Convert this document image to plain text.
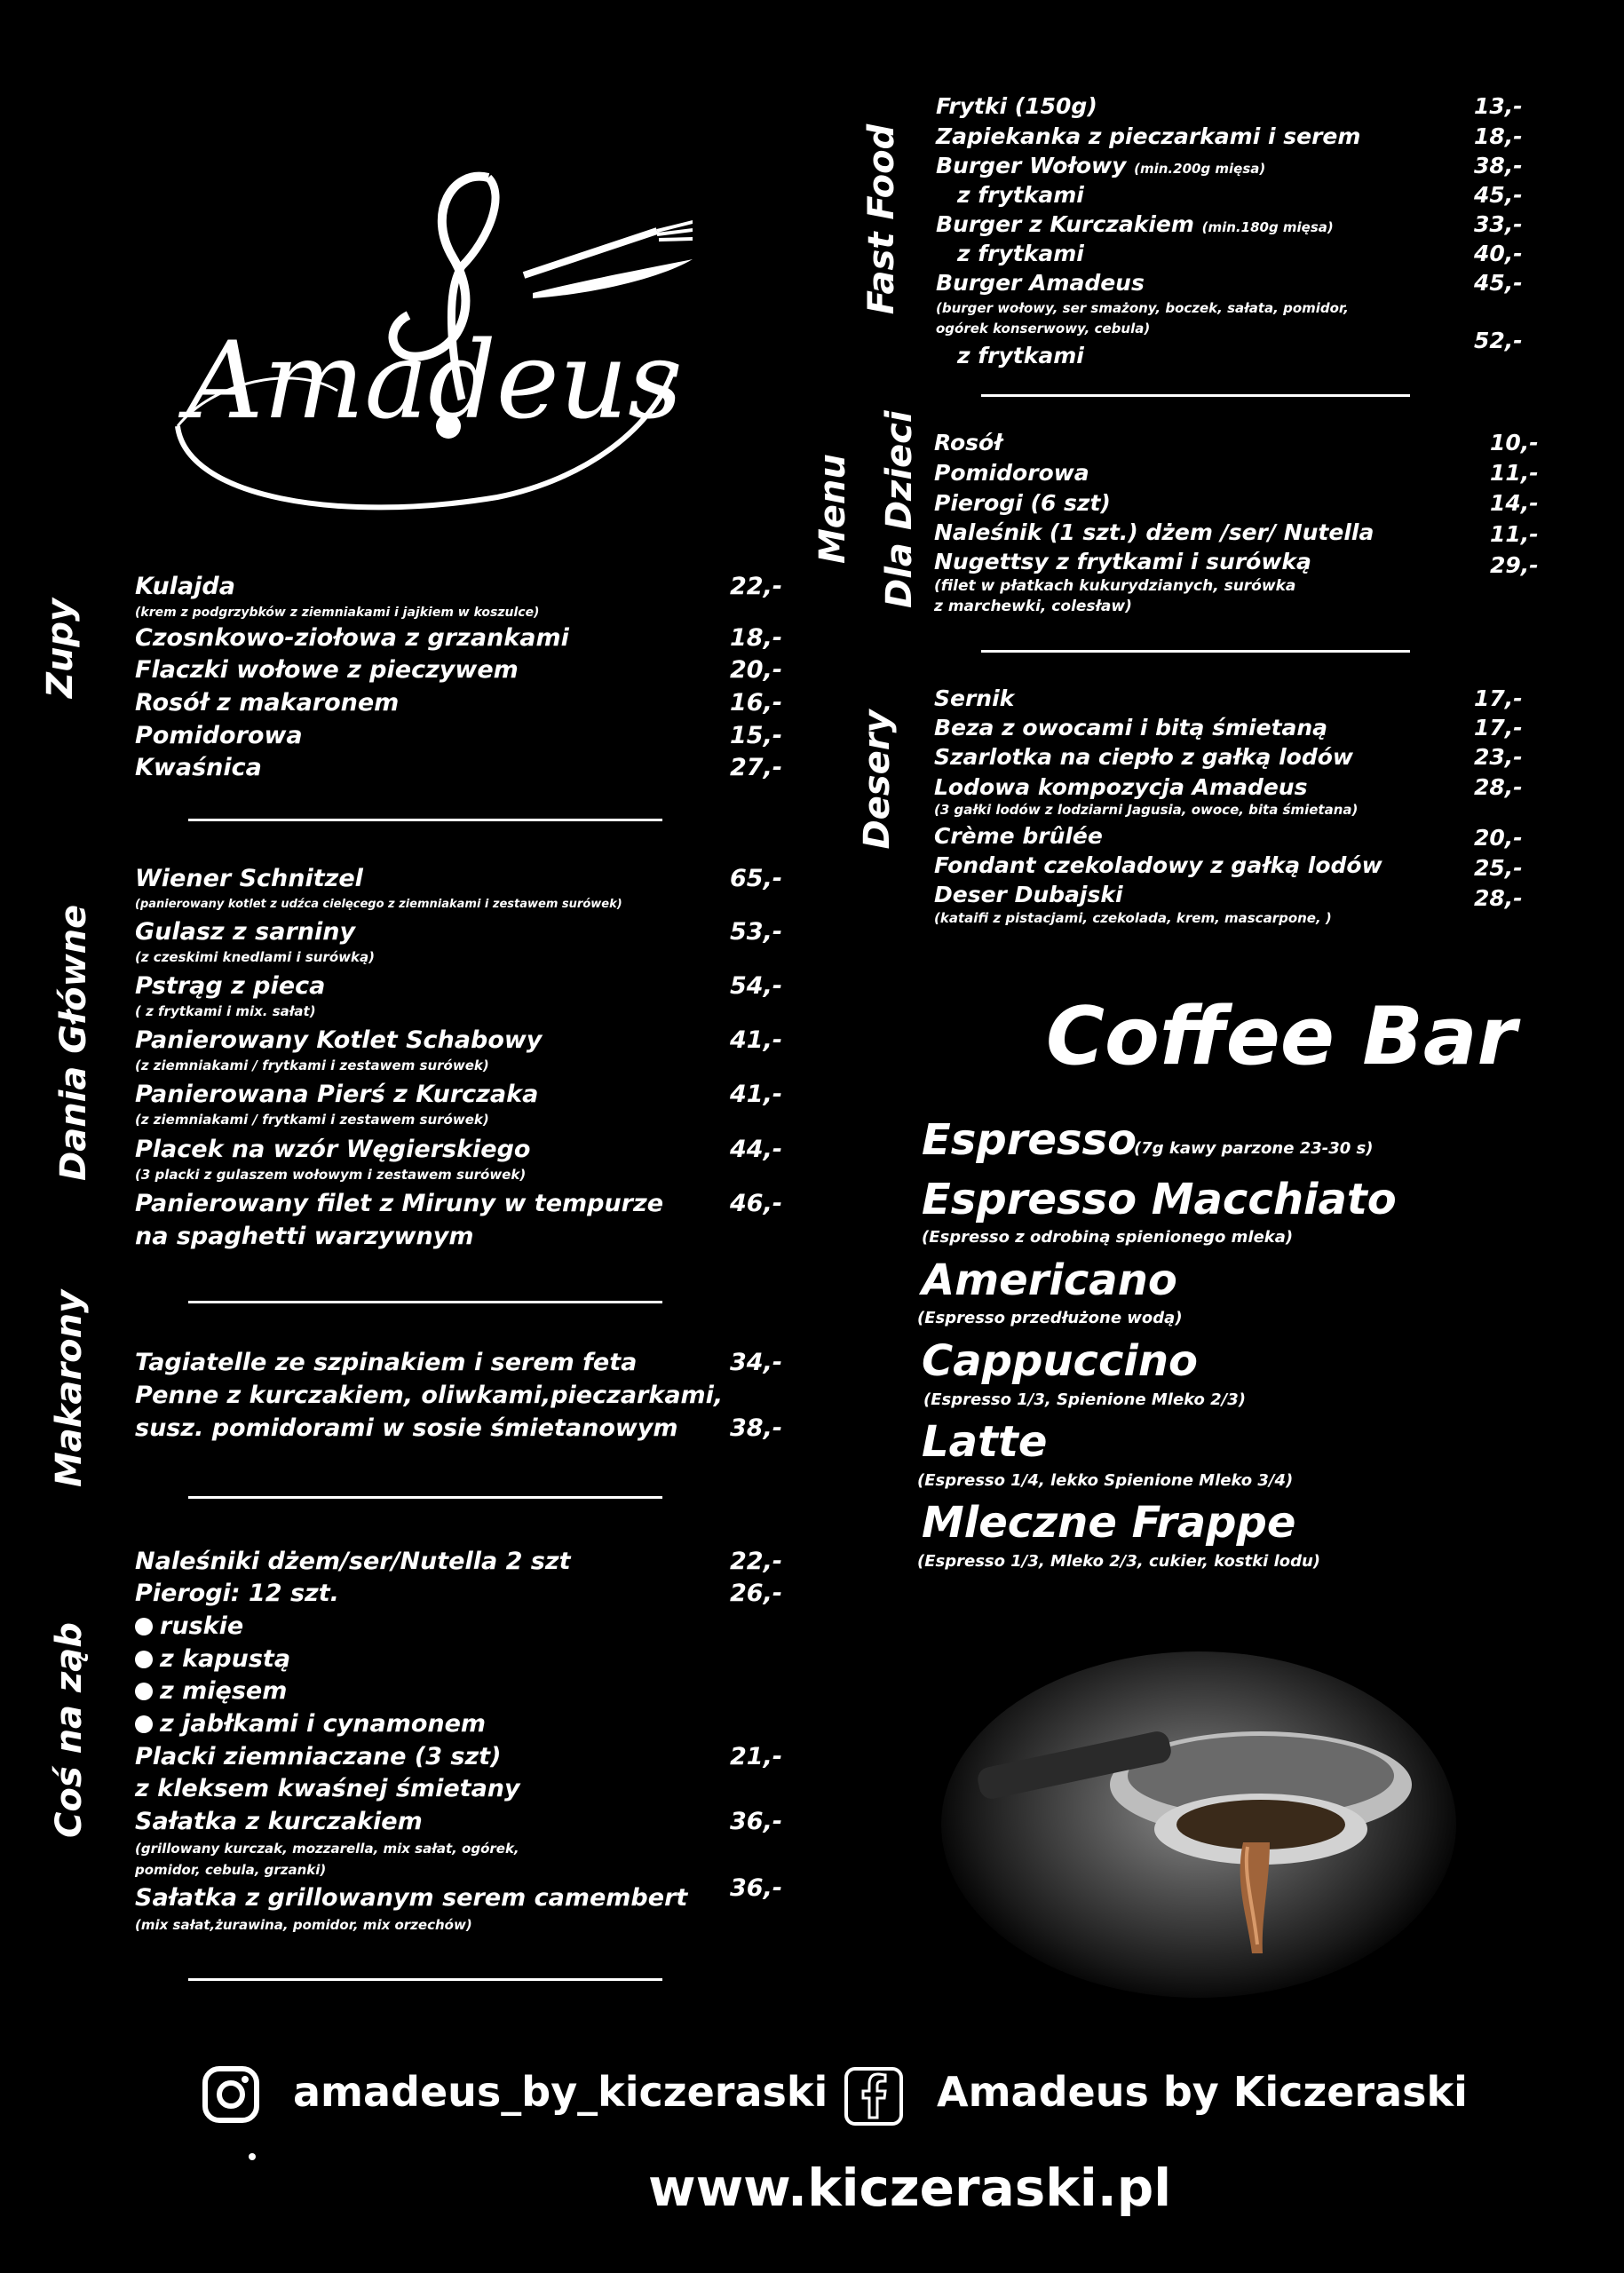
Amadeus
Zupy
Kulajda
(krem z podgrzybków z ziemniakami i jajkiem w koszulce)
22,-
Czosnkowo-ziołowa z grzankami	18,-
Flaczki wołowe z pieczywem	20,-
Rosół z makaronem	16,-
Pomidorowa	15,-
Kwaśnica	27,-
Dania Główne
Wiener Schnitzel
(panierowany kotlet z udźca cielęcego z ziemniakami i zestawem surówek)
65,-
Gulasz z sarniny
(z czeskimi knedlami i surówką)
53,-
Pstrąg z pieca
( z frytkami i mix. sałat)
54,-
Panierowany Kotlet Schabowy
(z ziemniakami / frytkami i zestawem surówek)
41,-
Panierowana Pierś z Kurczaka
(z ziemniakami / frytkami i zestawem surówek)
41,-
Placek na wzór Węgierskiego
(3 placki z gulaszem wołowym i zestawem surówek)
44,-
Panierowany filet z Miruny w tempurze
na spaghetti warzywnym
46,-
Makarony Tagiatelle ze szpinakiem i serem feta	34,-
Penne z kurczakiem, oliwkami,pieczarkami,
susz. pomidorami w sosie śmietanowym 38,-
Coś na ząb
Naleśniki dżem/ser/Nutella 2 szt	22,-
Pierogi: 12 szt.	26,-
ruskie
z kapustą
z mięsem
z jabłkami i cynamonem
Placki ziemniaczane (3 szt)
z kleksem kwaśnej śmietany
21,-
Sałatka z kurczakiem
(grillowany kurczak, mozzarella, mix sałat, ogórek,
pomidor, cebula, grzanki)
36,-
Sałatka z grillowanym serem camembert
(mix sałat,żurawina, pomidor, mix orzechów)
36,-
Fast Food
Frytki (150g)	13,-
Zapiekanka z pieczarkami i serem	18,-
Burger Wołowy (min.200g mięsa)	38,-
z frytkami	45,-
Burger z Kurczakiem (min.180g mięsa)	33,-
z frytkami	40,-
Burger Amadeus	45,-
(burger wołowy, ser smażony, boczek, sałata, pomidor,
ogórek konserwowy, cebula)
z frytkami
52,-
Menu Dla Dzieci Rosół	10,-
Pomidorowa	11,-
Pierogi (6 szt)	14,-
Naleśnik (1 szt.) dżem /ser/ Nutella	11,-
Nugettsy z frytkami i surówką	29,-
(filet w płatkach kukurydzianych, surówka
z marchewki, colesław)
Desery
Sernik	17,-
Beza z owocami i bitą śmietaną	17,-
Szarlotka na ciepło z gałką lodów	23,-
Lodowa kompozycja Amadeus	28,-
(3 gałki lodów z lodziarni Jagusia, owoce, bita śmietana)
Crème brûlée	20,-
Fondant czekoladowy z gałką lodów	25,-
Deser Dubajski	28,-
(kataifi z pistacjami, czekolada, krem, mascarpone, )
Coffee Bar
Espresso
(7g kawy parzone 23-30 s)
Espresso Macchiato
(Espresso z odrobiną spienionego mleka)
Americano
(Espresso przedłużone wodą)
Cappuccino
(Espresso 1/3, Spienione Mleko 2/3)
Latte
(Espresso 1/4, lekko Spienione Mleko 3/4)
Mleczne Frappe
(Espresso 1/3, Mleko 2/3, cukier, kostki lodu)
amadeus_by_kiczeraski	Amadeus by Kiczeraski
www.kiczeraski.pl
